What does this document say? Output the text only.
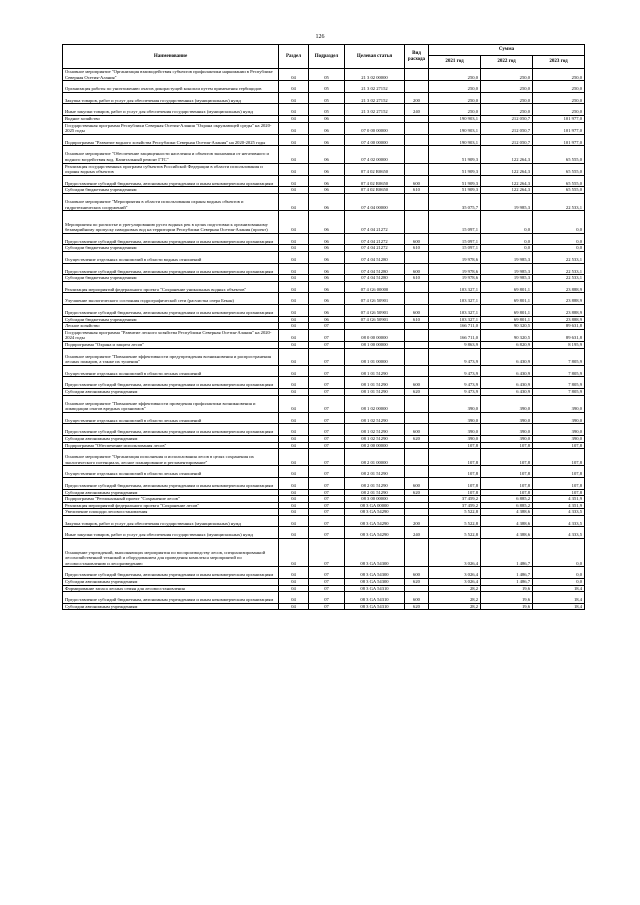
126
Наименование	Раздел	Подраздел	Целевая статья	Вид расхода	Сумма		
					2021 год	2022 год	2023 год
Основное мероприятие "Организация взаимодействия субъектов профилактики наркомании в Республике Северная Осетия-Алания"	04	05	21 3 02 00000		250,0	250,0	250,0
Организация работы по уничтожению очагов дикорастущей конопли путем применения гербицидов	04	05	21 3 02 27152		250,0	250,0	250,0
Закупка товаров, работ и услуг для обеспечения государственных (муниципальных) нужд	04	05	21 3 02 27152	200	250,0	250,0	250,0
Иные закупки товаров, работ и услуг для обеспечения государственных (муниципальных) нужд	04	05	21 3 02 27152	240	250,0	250,0	250,0
Водное хозяйство	04	06			190 903,1	212 050,7	101 977,0
Государственная программа Республики Северная Осетия-Алания "Охрана окружающей среды" на 2020-2025 годы	04	06	07 0 00 00000		190 903,1	212 050,7	101 977,0
Подпрограмма "Развитие водного хозяйства Республики Северная Осетия-Алания" на 2020-2025 годы	04	06	07 4 00 00000		190 903,1	212 050,7	101 977,0
Основное мероприятие "Обеспечение защищенности населения и объектов экономики от негативного и водного воздействия вод. Капитальный ремонт ГТС"	04	06	07 4 02 00000		51 909,3	122 264,3	65 555,0
Реализация государственных программ субъектов Российской Федерации в области использования и охраны водных объектов	04	06	07 4 02 R0650		51 909,3	122 264,3	65 555,0
Предоставление субсидий бюджетным, автономным учреждениям и иным некоммерческим организациям	04	06	07 4 02 R0650	600	51 909,3	122 264,3	65 555,0
Субсидии бюджетным учреждениям	04	06	07 4 02 R0650	610	51 909,3	122 264,3	65 555,0
Основное мероприятие "Мероприятия в области использования охраны водных объектов и гидротехнических сооружений"	04	06	07 4 04 00000		35 075,7	19 985,3	22 533,1
Мероприятия по расчистке и урегулированию русел водных рек в целях подготовки к организованному безаварийному пропуску паводковых вод на территории Республики Северная Осетия-Алания (проект)	04	06	07 4 04 21272		15 097,1	0,0	0,0
Предоставление субсидий бюджетным, автономным учреждениям и иным некоммерческим организациям	04	06	07 4 04 21272	600	15 097,1	0,0	0,0
Субсидии бюджетным учреждениям	04	06	07 4 04 21272	610	15 097,1	0,0	0,0
Осуществление отдельных полномочий в области водных отношений	04	06	07 4 04 51280		19 978,6	19 985,3	22 533,1
Предоставление субсидий бюджетным, автономным учреждениям и иным некоммерческим организациям	04	06	07 4 04 51280	600	19 978,6	19 985,3	22 533,1
Субсидии бюджетным учреждениям	04	06	07 4 04 51280	610	19 978,6	19 985,3	22 533,1
Реализация мероприятий федерального проекта "Сохранение уникальных водных объектов"	04	06	07 4 G6 00000		103 327,1	69 801,1	23 888,9
Улучшение экологического состояния гидрографической сети (расчистка озера Бекан)	04	06	07 4 G6 50901		103 327,1	69 801,1	23 888,9
Предоставление субсидий бюджетным, автономным учреждениям и иным некоммерческим организациям	04	06	07 4 G6 50901	600	103 327,1	69 801,1	23 888,9
Субсидии бюджетным учреждениям	04	06	07 4 G6 50901	610	103 327,1	69 801,1	23 888,9
Лесное хозяйство	04	07			166 711,0	90 320,5	89 631,8
Государственная программа "Развитие лесного хозяйства Республики Северная Осетия-Алания" на 2020-2024 годы	04	07	08 0 00 00000		166 711,0	90 320,5	89 631,8
Подпрограмма "Охрана и защита лесов"	04	07	08 1 00 00000		9 863,9	6 820,9	8 195,9
Основное мероприятие "Повышение эффективности предупреждения возникновения и распространения лесных пожаров, а также их тушения"	04	07	08 1 01 00000		9 473,9	6 430,9	7 805,9
Осуществление отдельных полномочий в области лесных отношений	04	07	08 1 01 51290		9 473,9	6 430,9	7 805,9
Предоставление субсидий бюджетным, автономным учреждениям и иным некоммерческим организациям	04	07	08 1 01 51290	600	9 473,9	6 430,9	7 805,9
Субсидии автономным учреждениям	04	07	08 1 01 51290	620	9 473,9	6 430,9	7 805,9
Основное мероприятие "Повышение эффективности проведения профилактики возникновения и ликвидации очагов вредных организмов"	04	07	08 1 02 00000		390,0	390,0	390,0
Осуществление отдельных полномочий в области лесных отношений	04	07	08 1 02 51290		390,0	390,0	390,0
Предоставление субсидий бюджетным, автономным учреждениям и иным некоммерческим организациям	04	07	08 1 02 51290	600	390,0	390,0	390,0
Субсидии автономным учреждениям	04	07	08 1 02 51290	620	390,0	390,0	390,0
Подпрограмма "Обеспечение использования лесов"	04	07	08 2 00 00000		107,8	107,8	107,8
Основное мероприятие "Организация исполнения и использования лесов в целях сохранения их экологического потенциала, лесное планирование и регламентирование"	04	07	08 2 01 00000		107,8	107,8	107,8
Осуществление отдельных полномочий в области лесных отношений	04	07	08 2 01 51290		107,8	107,8	107,8
Предоставление субсидий бюджетным, автономным учреждениям и иным некоммерческим организациям	04	07	08 2 01 51290	600	107,8	107,8	107,8
Субсидии автономным учреждениям	04	07	08 2 01 51290	620	107,8	107,8	107,8
Подпрограмма "Региональный проект "Сохранение лесов"	04	07	08 3 00 00000		37 459,2	6 885,2	4 351,9
Реализация мероприятий федерального проекта "Сохранение лесов"	04	07	08 3 GA 00000		37 459,2	6 885,2	4 351,9
Увеличение площади лесовосстановления	04	07	08 3 GA 54290		5 522,8	4 388,6	4 333,5
Закупка товаров, работ и услуг для обеспечения государственных (муниципальных) нужд	04	07	08 3 GA 54290	200	5 522,8	4 388,6	4 333,5
Иные закупки товаров, работ и услуг для обеспечения государственных (муниципальных) нужд	04	07	08 3 GA 54290	240	5 522,8	4 388,6	4 333,5
Оснащение учреждений, выполняющих мероприятия по воспроизводству лесов, специализированной лесохозяйственной техникой и оборудованием для проведения комплекса мероприятий по лесовосстановлению и лесоразведению	04	07	08 3 GA 54300		3 026,4	1 486,7	0,0
Предоставление субсидий бюджетным, автономным учреждениям и иным некоммерческим организациям	04	07	08 3 GA 54300	600	3 026,4	1 486,7	0,0
Субсидии автономным учреждениям	04	07	08 3 GA 54300	620	3 026,4	1 486,7	0,0
Формирование запаса лесных семян для лесовосстановления	04	07	08 3 GA 54310		28,2	19,6	18,4
Предоставление субсидий бюджетным, автономным учреждениям и иным некоммерческим организациям	04	07	08 3 GA 54310	600	28,2	19,6	18,4
Субсидии автономным учреждениям	04	07	08 3 GA 54310	620	28,2	19,6	18,4
